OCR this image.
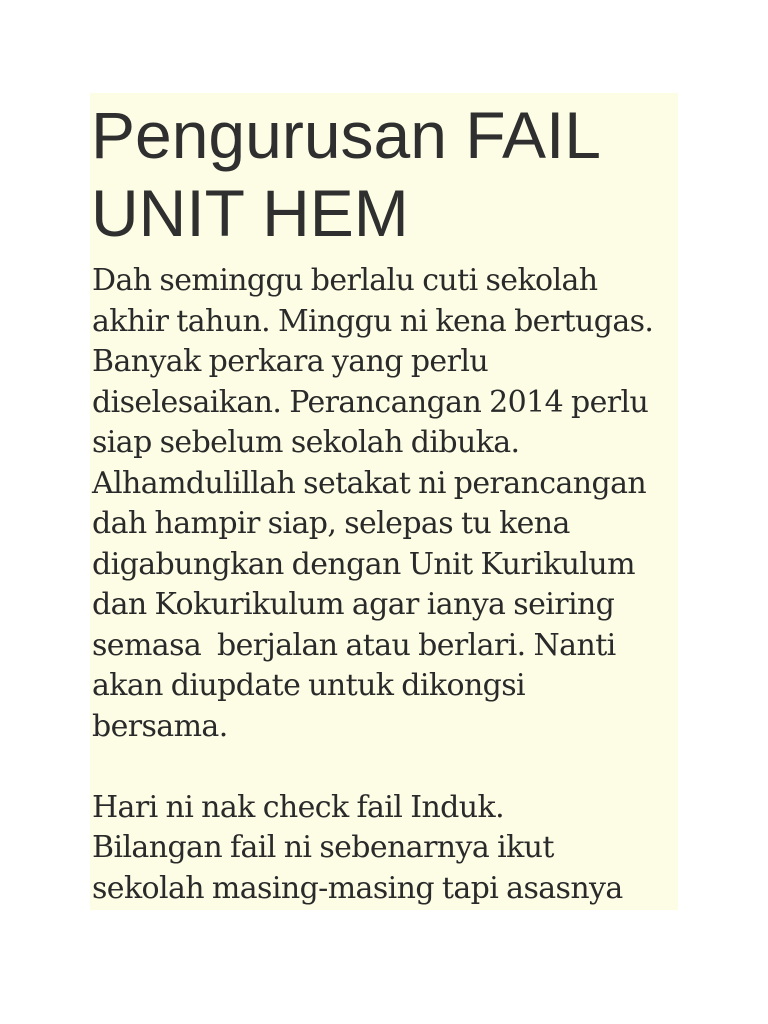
Pengurusan FAIL
UNIT HEM
Dah seminggu berlalu cuti sekolah
akhir tahun. Minggu ni kena bertugas.
Banyak perkara yang perlu
diselesaikan. Perancangan 2014 perlu
siap sebelum sekolah dibuka.
Alhamdulillah setakat ni perancangan
dah hampir siap, selepas tu kena
digabungkan dengan Unit Kurikulum
dan Kokurikulum agar ianya seiring
semasa  berjalan atau berlari. Nanti
akan diupdate untuk dikongsi
bersama.
Hari ni nak check fail Induk.
Bilangan fail ni sebenarnya ikut
sekolah masing-masing tapi asasnya
